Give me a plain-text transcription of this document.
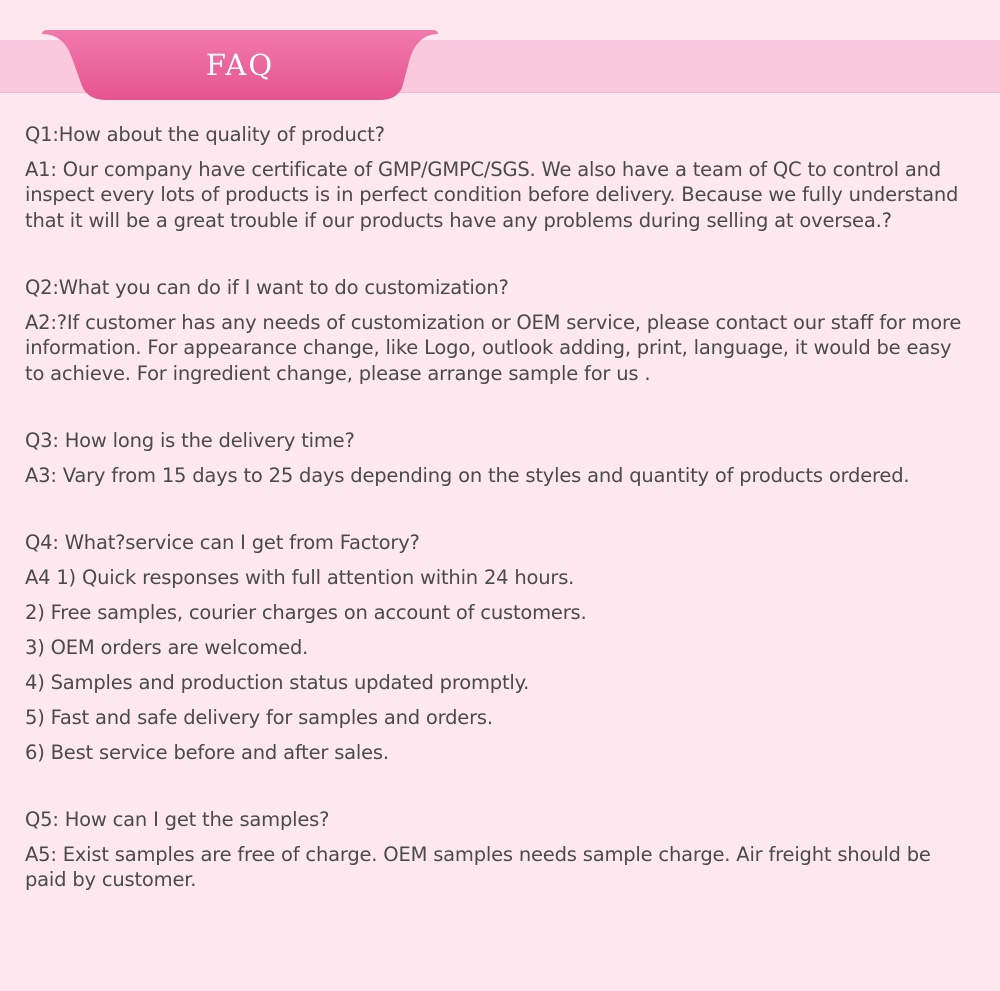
FAQ

Q1:How about the quality of product?

A1: Our company have certificate of GMP/GMPC/SGS. We also have a team of QC to control and inspect every lots of products is in perfect condition before delivery. Because we fully understand that it will be a great trouble if our products have any problems during selling at oversea.?

Q2:What you can do if I want to do customization?

A2:?If customer has any needs of customization or OEM service, please contact our staff for more information. For appearance change, like Logo, outlook adding, print, language, it would be easy to achieve. For ingredient change, please arrange sample for us .

Q3: How long is the delivery time?

A3: Vary from 15 days to 25 days depending on the styles and quantity of products ordered.

Q4: What?service can I get from Factory?

A4 1) Quick responses with full attention within 24 hours.

2) Free samples, courier charges on account of customers.

3) OEM orders are welcomed.

4) Samples and production status updated promptly.

5) Fast and safe delivery for samples and orders.

6) Best service before and after sales.

Q5: How can I get the samples?

A5: Exist samples are free of charge. OEM samples needs sample charge. Air freight should be paid by customer.
